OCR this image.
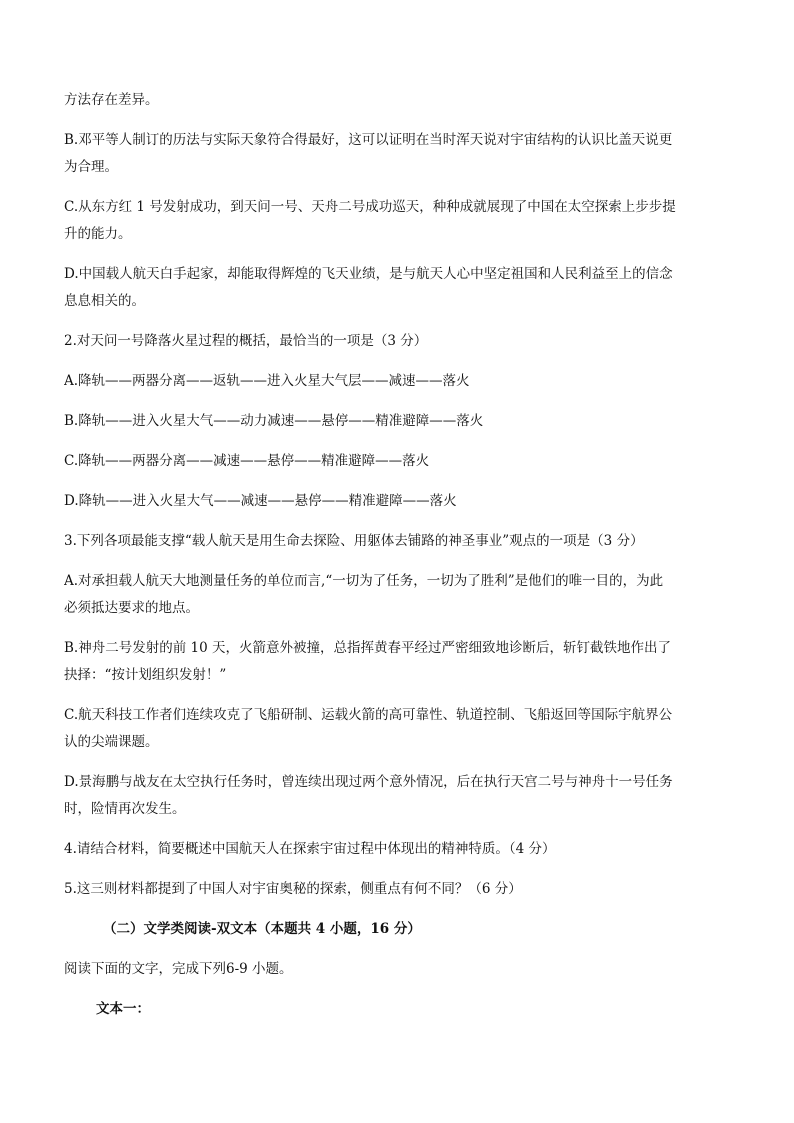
方法存在差异。
B.邓平等人制订的历法与实际天象符合得最好，这可以证明在当时浑天说对宇宙结构的认识比盖天说更
为合理。
C.从东方红 1 号发射成功，到天问一号、天舟二号成功巡天，种种成就展现了中国在太空探索上步步提
升的能力。
D.中国载人航天白手起家，却能取得辉煌的飞天业绩，是与航天人心中坚定祖国和人民利益至上的信念
息息相关的。
2.对天问一号降落火星过程的概括，最恰当的一项是（3 分）
A.降轨——两器分离——返轨——进入火星大气层——减速——落火
B.降轨——进入火星大气——动力减速——悬停——精准避障——落火
C.降轨——两器分离——减速——悬停——精准避障——落火
D.降轨——进入火星大气——减速——悬停——精准避障——落火
3.下列各项最能支撑“载人航天是用生命去探险、用躯体去铺路的神圣事业”观点的一项是（3 分）
A.对承担载人航天大地测量任务的单位而言,“一切为了任务，一切为了胜利”是他们的唯一目的，为此
必须抵达要求的地点。
B.神舟二号发射的前 10 天，火箭意外被撞，总指挥黄春平经过严密细致地诊断后，斩钉截铁地作出了
抉择：“按计划组织发射！”
C.航天科技工作者们连续攻克了飞船研制、运载火箭的高可靠性、轨道控制、飞船返回等国际宇航界公
认的尖端课题。
D.景海鹏与战友在太空执行任务时，曾连续出现过两个意外情况，后在执行天宫二号与神舟十一号任务
时，险情再次发生。
4.请结合材料，简要概述中国航天人在探索宇宙过程中体现出的精神特质。（4 分）
5.这三则材料都提到了中国人对宇宙奥秘的探索，侧重点有何不同？（6 分）
（二）文学类阅读-双文本（本题共 4 小题，16 分）
阅读下面的文字，完成下列6-9 小题。
文本一：
